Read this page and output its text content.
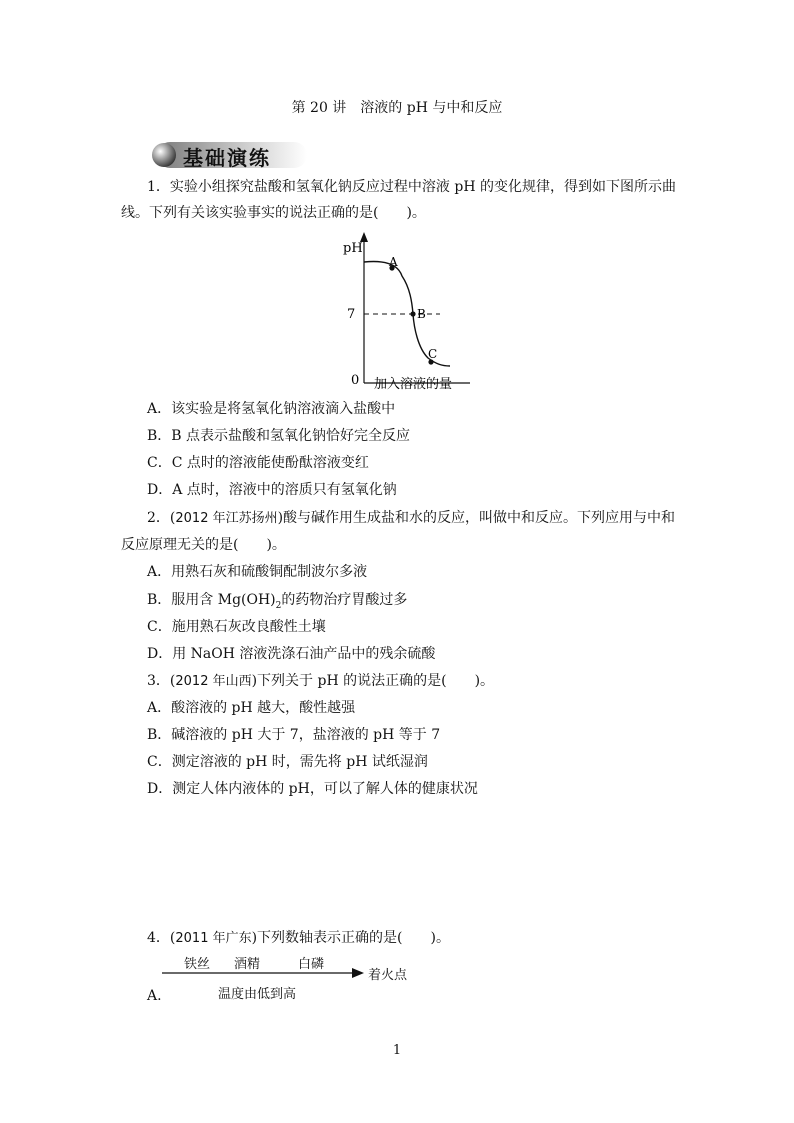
第 20 讲　溶液的 pH 与中和反应
基础演练
1．实验小组探究盐酸和氢氧化钠反应过程中溶液 pH 的变化规律，得到如下图所示曲
线。下列有关该实验事实的说法正确的是(　　)。
pH
7
0
A
B
C
加入溶液的量
A．该实验是将氢氧化钠溶液滴入盐酸中
B．B 点表示盐酸和氢氧化钠恰好完全反应
C．C 点时的溶液能使酚酞溶液变红
D．A 点时，溶液中的溶质只有氢氧化钠
2．(2012 年江苏扬州)酸与碱作用生成盐和水的反应，叫做中和反应。下列应用与中和
反应原理无关的是(　　)。
A．用熟石灰和硫酸铜配制波尔多液
B．服用含 $Mg(OH)_2$的药物治疗胃酸过多
C．施用熟石灰改良酸性土壤
D．用 NaOH 溶液洗涤石油产品中的残余硫酸
3．(2012 年山西)下列关于 pH 的说法正确的是(　　)。
A．酸溶液的 pH 越大，酸性越强
B．碱溶液的 pH 大于 7，盐溶液的 pH 等于 7
C．测定溶液的 pH 时，需先将 pH 试纸湿润
D．测定人体内液体的 pH，可以了解人体的健康状况
4．(2011 年广东)下列数轴表示正确的是(　　)。
A.
铁丝 酒精	白磷
着火点
温度由低到高
1
